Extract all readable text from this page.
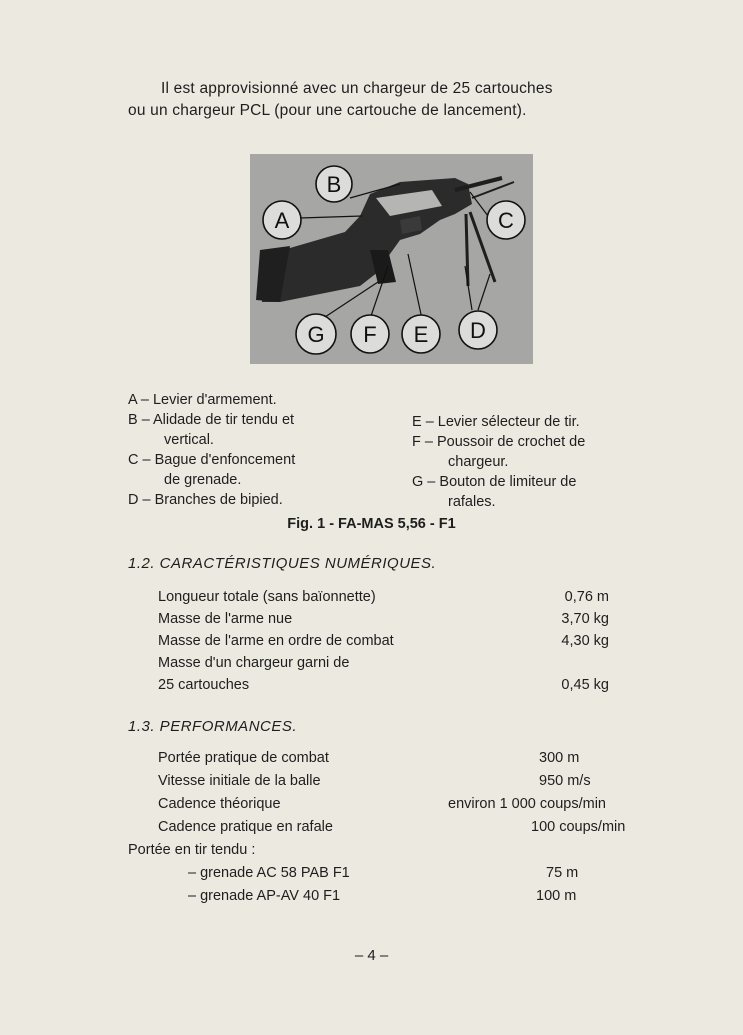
Il est approvisionné avec un chargeur de 25 cartouches
ou un chargeur PCL (pour une cartouche de lancement).
A
B
C
D
E
F
G
A – Levier d'armement.
B – Alidade de tir tendu et
vertical.
C – Bague d'enfoncement
de grenade.
D – Branches de bipied.
E – Levier sélecteur de tir.
F – Poussoir de crochet de
chargeur.
G – Bouton de limiteur de
rafales.
Fig. 1 - FA-MAS 5,56 - F1
1.2. CARACTÉRISTIQUES NUMÉRIQUES.
Longueur totale (sans baïonnette)	0,76 m
Masse de l'arme nue	3,70 kg
Masse de l'arme en ordre de combat	4,30 kg
Masse d'un chargeur garni de
25 cartouches	0,45 kg
1.3. PERFORMANCES.
Portée pratique de combat	300 m
Vitesse initiale de la balle	950 m/s
Cadence théorique	environ 1 000 coups/min
Cadence pratique en rafale	100 coups/min
Portée en tir tendu :
– grenade AC 58 PAB F1	75 m
– grenade AP-AV 40 F1	100 m
– 4 –
